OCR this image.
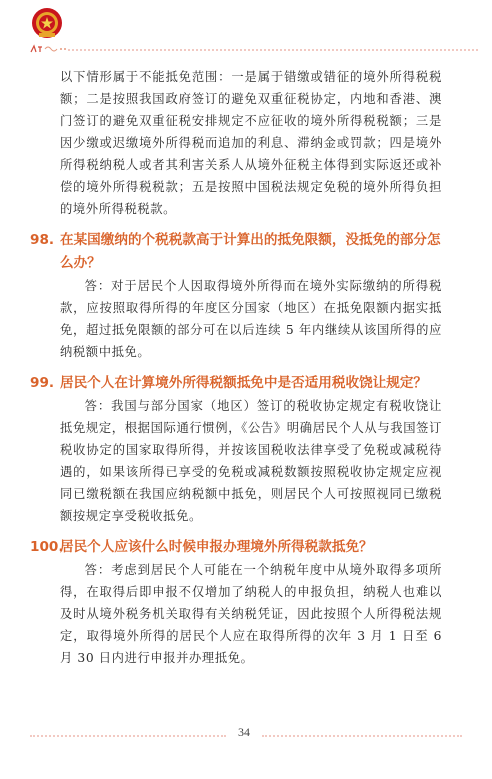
以下情形属于不能抵免范围：一是属于错缴或错征的境外所得税税额；二是按照我国政府签订的避免双重征税协定，内地和香港、澳门签订的避免双重征税安排规定不应征收的境外所得税税额；三是因少缴或迟缴境外所得税而追加的利息、滞纳金或罚款；四是境外所得税纳税人或者其利害关系人从境外征税主体得到实际返还或补偿的境外所得税税款；五是按照中国税法规定免税的境外所得负担的境外所得税税款。

98. 在某国缴纳的个税税款高于计算出的抵免限额，没抵免的部分怎么办？

答：对于居民个人因取得境外所得而在境外实际缴纳的所得税款，应按照取得所得的年度区分国家（地区）在抵免限额内据实抵免，超过抵免限额的部分可在以后连续 5 年内继续从该国所得的应纳税额中抵免。

99. 居民个人在计算境外所得税额抵免中是否适用税收饶让规定？

答：我国与部分国家（地区）签订的税收协定规定有税收饶让抵免规定，根据国际通行惯例，《公告》明确居民个人从与我国签订税收协定的国家取得所得，并按该国税收法律享受了免税或减税待遇的，如果该所得已享受的免税或减税数额按照税收协定规定应视同已缴税额在我国应纳税额中抵免，则居民个人可按照视同已缴税额按规定享受税收抵免。

100.
居民个人应该什么时候申报办理境外所得税款抵免？

答：考虑到居民个人可能在一个纳税年度中从境外取得多项所得，在取得后即申报不仅增加了纳税人的申报负担，纳税人也难以及时从境外税务机关取得有关纳税凭证，因此按照个人所得税法规定，取得境外所得的居民个人应在取得所得的次年 3 月 1 日至 6 月 30 日内进行申报并办理抵免。

34
